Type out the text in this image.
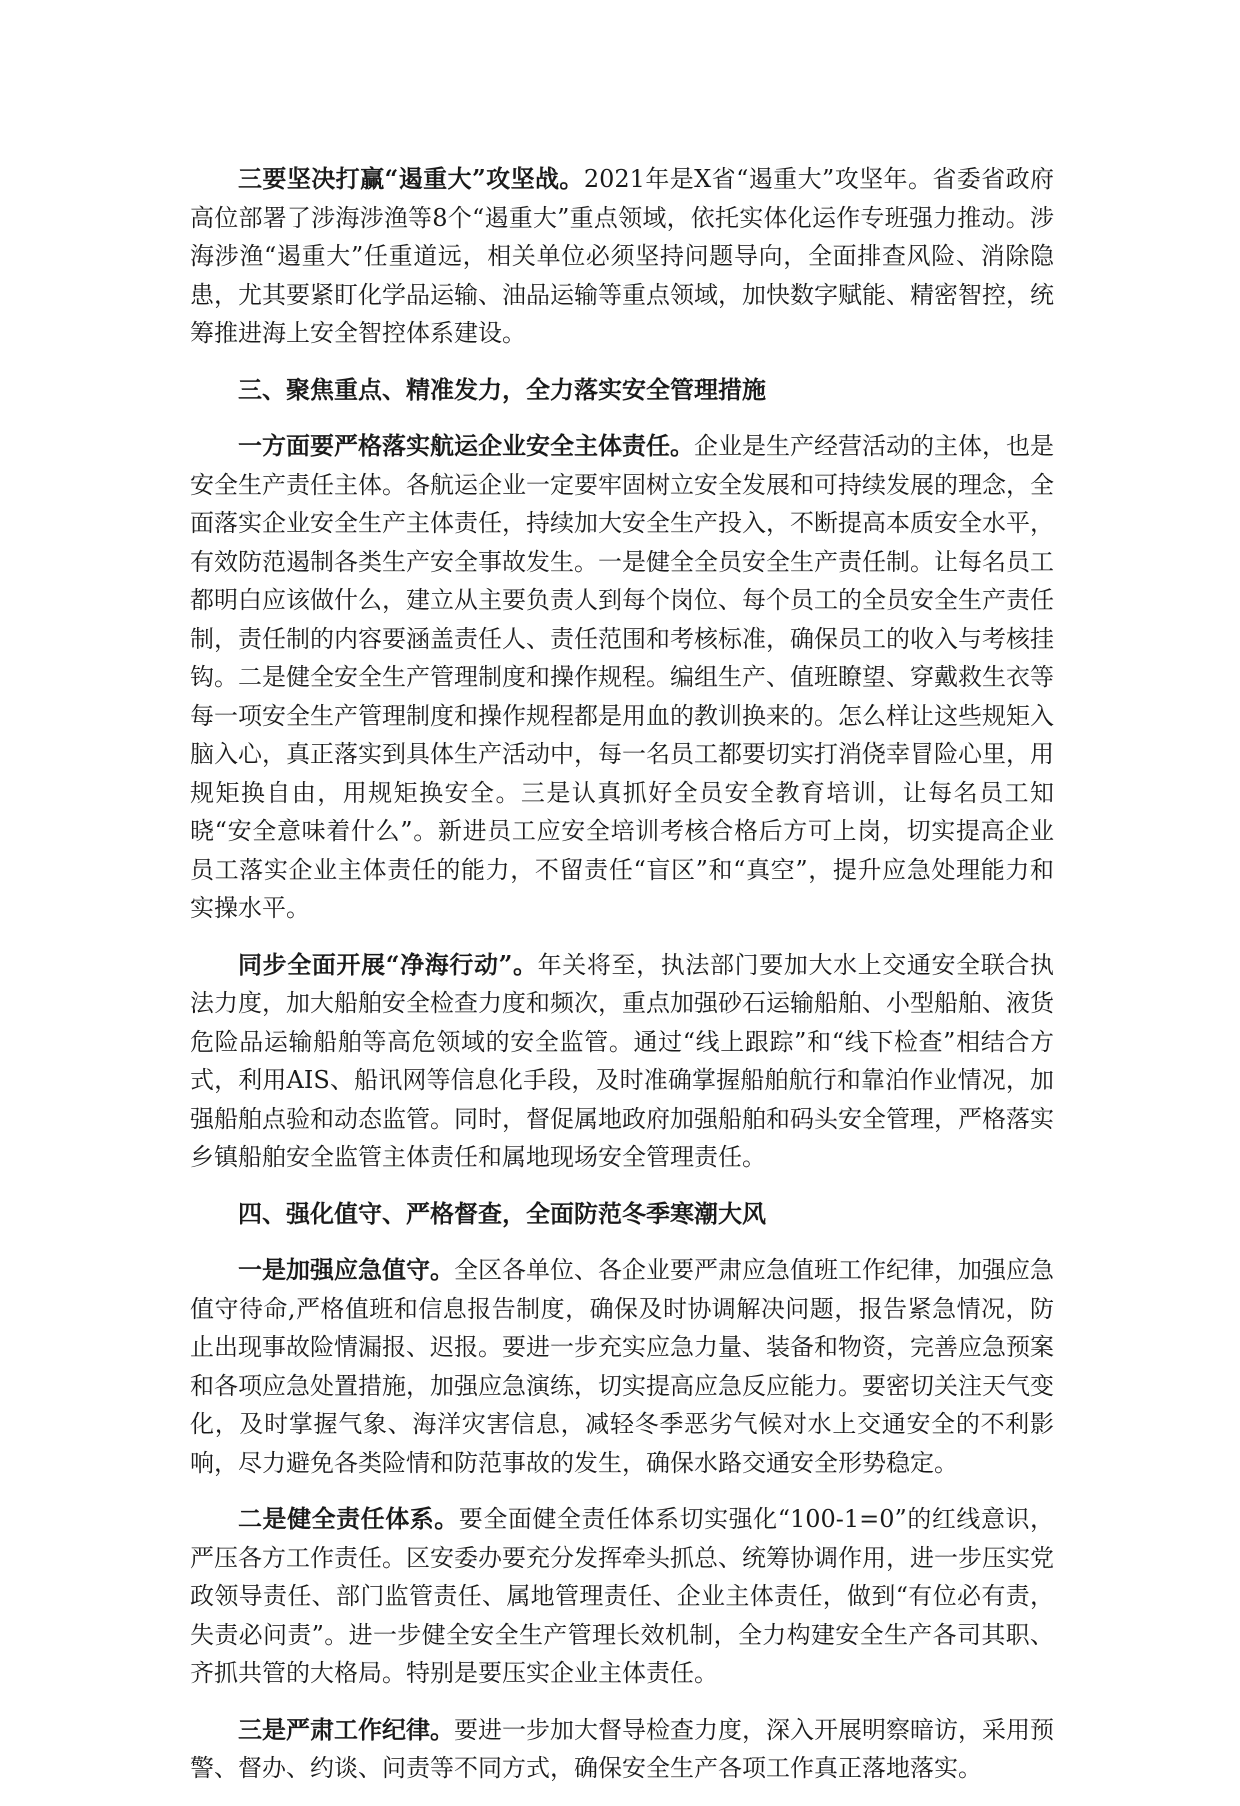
三要坚决打赢“遏重大”攻坚战。2021年是X省“遏重大”攻坚年。省委省政府高位部署了涉海涉渔等8个“遏重大”重点领域，依托实体化运作专班强力推动。涉海涉渔“遏重大”任重道远，相关单位必须坚持问题导向，全面排查风险、消除隐患，尤其要紧盯化学品运输、油品运输等重点领域，加快数字赋能、精密智控，统筹推进海上安全智控体系建设。

三、聚焦重点、精准发力，全力落实安全管理措施

一方面要严格落实航运企业安全主体责任。企业是生产经营活动的主体，也是安全生产责任主体。各航运企业一定要牢固树立安全发展和可持续发展的理念，全面落实企业安全生产主体责任，持续加大安全生产投入，不断提高本质安全水平，有效防范遏制各类生产安全事故发生。一是健全全员安全生产责任制。让每名员工都明白应该做什么，建立从主要负责人到每个岗位、每个员工的全员安全生产责任制，责任制的内容要涵盖责任人、责任范围和考核标准，确保员工的收入与考核挂钩。二是健全安全生产管理制度和操作规程。编组生产、值班瞭望、穿戴救生衣等每一项安全生产管理制度和操作规程都是用血的教训换来的。怎么样让这些规矩入脑入心，真正落实到具体生产活动中，每一名员工都要切实打消侥幸冒险心里，用规矩换自由，用规矩换安全。三是认真抓好全员安全教育培训，让每名员工知晓“安全意味着什么”。新进员工应安全培训考核合格后方可上岗，切实提高企业员工落实企业主体责任的能力，不留责任“盲区”和“真空”，提升应急处理能力和实操水平。

同步全面开展“净海行动”。年关将至，执法部门要加大水上交通安全联合执法力度，加大船舶安全检查力度和频次，重点加强砂石运输船舶、小型船舶、液货危险品运输船舶等高危领域的安全监管。通过“线上跟踪”和“线下检查”相结合方式，利用AIS、船讯网等信息化手段，及时准确掌握船舶航行和靠泊作业情况，加强船舶点验和动态监管。同时，督促属地政府加强船舶和码头安全管理，严格落实乡镇船舶安全监管主体责任和属地现场安全管理责任。

四、强化值守、严格督查，全面防范冬季寒潮大风

一是加强应急值守。全区各单位、各企业要严肃应急值班工作纪律，加强应急值守待命,严格值班和信息报告制度，确保及时协调解决问题，报告紧急情况，防止出现事故险情漏报、迟报。要进一步充实应急力量、装备和物资，完善应急预案和各项应急处置措施，加强应急演练，切实提高应急反应能力。要密切关注天气变化，及时掌握气象、海洋灾害信息，减轻冬季恶劣气候对水上交通安全的不利影响，尽力避免各类险情和防范事故的发生，确保水路交通安全形势稳定。

二是健全责任体系。要全面健全责任体系切实强化“100-1=0”的红线意识，严压各方工作责任。区安委办要充分发挥牵头抓总、统筹协调作用，进一步压实党政领导责任、部门监管责任、属地管理责任、企业主体责任，做到“有位必有责，失责必问责”。进一步健全安全生产管理长效机制，全力构建安全生产各司其职、齐抓共管的大格局。特别是要压实企业主体责任。

三是严肃工作纪律。要进一步加大督导检查力度，深入开展明察暗访，采用预警、督办、约谈、问责等不同方式，确保安全生产各项工作真正落地落实。
